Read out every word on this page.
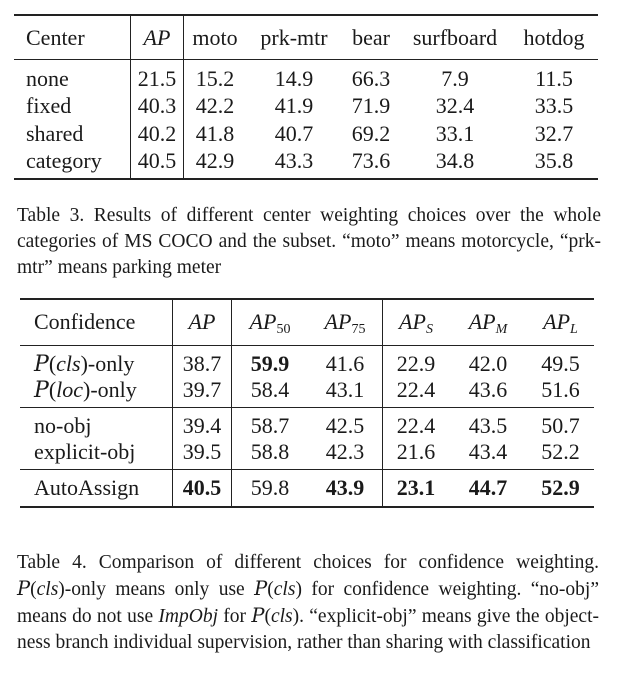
Center	AP	moto	prk-mtr	bear	surfboard	hotdog
none	21.5	15.2	14.9	66.3	7.9	11.5
fixed	40.3	42.2	41.9	71.9	32.4	33.5
shared	40.2	41.8	40.7	69.2	33.1	32.7
category	40.5	42.9	43.3	73.6	34.8	35.8
Table 3. Results of different center weighting choices over the whole categories of MS COCO and the subset. “moto” means motorcycle, “prk-mtr” means parking meter
Confidence	AP	$AP_{50}$	$AP_{75}$	$AP_S$	$AP_M$	$AP_L$
P(cls)-only	38.7	59.9	41.6	22.9	42.0	49.5
P(loc)-only	39.7	58.4	43.1	22.4	43.6	51.6
no-obj	39.4	58.7	42.5	22.4	43.5	50.7
explicit-obj	39.5	58.8	42.3	21.6	43.4	52.2
AutoAssign	40.5	59.8	43.9	23.1	44.7	52.9
Table 4. Comparison of different choices for confidence weighting. P(cls)-only means only use P(cls) for confidence weighting. “no-obj” means do not use ImpObj for P(cls). “explicit-obj” means give the object-ness branch individual supervision, rather than sharing with classification
